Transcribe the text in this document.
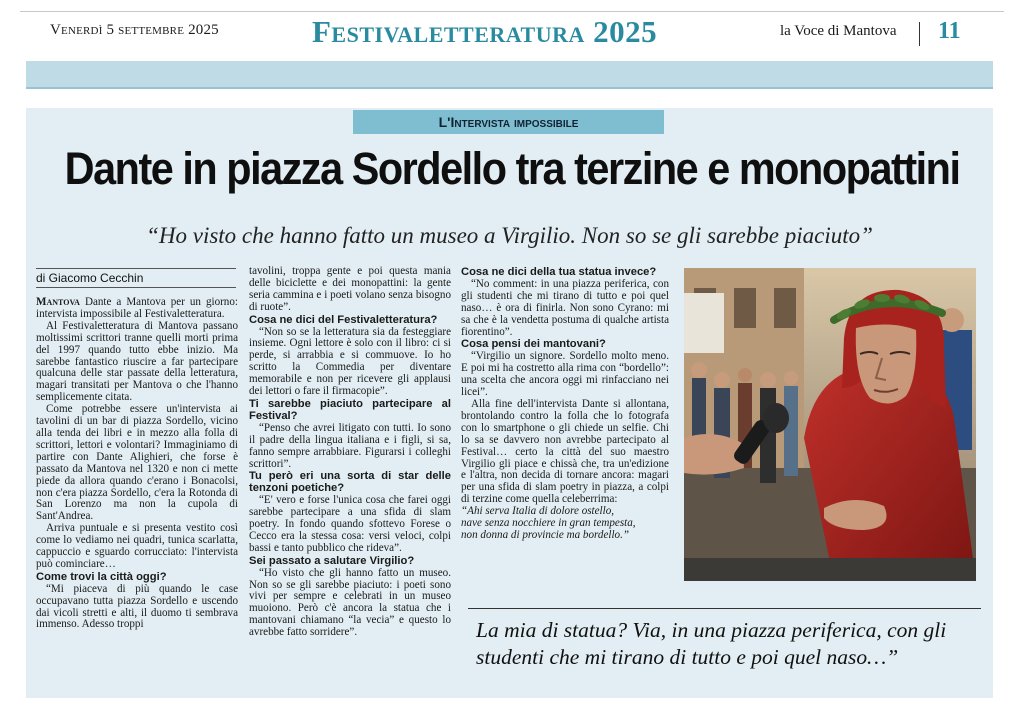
Venerdì 5 settembre 2025	Festivaletteratura 2025	la Voce di Mantova 11
L'Intervista impossibile
Dante in piazza Sordello tra terzine e monopattini
“Ho visto che hanno fatto un museo a Virgilio. Non so se gli sarebbe piaciuto”
di Giacomo Cecchin

Mantova Dante a Mantova per un giorno: intervista impossibile al Festivaletteratura.

Al Festivaletteratura di Mantova passano moltissimi scrittori tranne quelli morti prima del 1997 quando tutto ebbe inizio. Ma sarebbe fantastico riuscire a far partecipare qualcuna delle star passate della letteratura, magari transitati per Mantova o che l'hanno semplicemente citata.

Come potrebbe essere un'intervista ai tavolini di un bar di piazza Sordello, vicino alla tenda dei libri e in mezzo alla folla di scrittori, lettori e volontari? Immaginiamo di partire con Dante Alighieri, che forse è passato da Mantova nel 1320 e non ci mette piede da allora quando c'erano i Bonacolsi, non c'era piazza Sordello, c'era la Rotonda di San Lorenzo ma non la cupola di Sant'Andrea.

Arriva puntuale e si presenta vestito così come lo vediamo nei quadri, tunica scarlatta, cappuccio e sguardo corrucciato: l'intervista può cominciare…

Come trovi la città oggi?

“Mi piaceva di più quando le case occupavano tutta piazza Sordello e uscendo dai vicoli stretti e alti, il duomo ti sembrava immenso. Adesso troppi

tavolini, troppa gente e poi questa mania delle biciclette e dei monopattini: la gente seria cammina e i poeti volano senza bisogno di ruote”.

Cosa ne dici del Festivaletteratura?

“Non so se la letteratura sia da festeggiare insieme. Ogni lettore è solo con il libro: ci si perde, si arrabbia e si commuove. Io ho scritto la Commedia per diventare memorabile e non per ricevere gli applausi dei lettori o fare il firmacopie”.

Ti sarebbe piaciuto partecipare al Festival?

“Penso che avrei litigato con tutti. Io sono il padre della lingua italiana e i figli, si sa, fanno sempre arrabbiare. Figurarsi i colleghi scrittori”.

Tu però eri una sorta di star delle tenzoni poetiche?

“E' vero e forse l'unica cosa che farei oggi sarebbe partecipare a una sfida di slam poetry. In fondo quando sfottevo Forese o Cecco era la stessa cosa: versi veloci, colpi bassi e tanto pubblico che rideva”.

Sei passato a salutare Virgilio?

“Ho visto che gli hanno fatto un museo. Non so se gli sarebbe piaciuto: i poeti sono vivi per sempre e celebrati in un museo muoiono. Però c'è ancora la statua che i mantovani chiamano “la vecia” e questo lo avrebbe fatto sorridere”.

Cosa ne dici della tua statua invece?

“No comment: in una piazza periferica, con gli studenti che mi tirano di tutto e poi quel naso… è ora di finirla. Non sono Cyrano: mi sa che è la vendetta postuma di qualche artista fiorentino”.

Cosa pensi dei mantovani?

“Virgilio un signore. Sordello molto meno. E poi mi ha costretto alla rima con “bordello”: una scelta che ancora oggi mi rinfacciano nei licei”.

Alla fine dell'intervista Dante si allontana, brontolando contro la folla che lo fotografa con lo smartphone o gli chiede un selfie. Chi lo sa se davvero non avrebbe partecipato al Festival… certo la città del suo maestro Virgilio gli piace e chissà che, tra un'edizione e l'altra, non decida di tornare ancora: magari per una sfida di slam poetry in piazza, a colpi di terzine come quella celeberrima:

“Ahi serva Italia di dolore ostello,

nave senza nocchiere in gran tempesta,

non donna di provincie ma bordello.”

La mia di statua? Via, in una piazza periferica, con gli studenti che mi tirano di tutto e poi quel naso…”
